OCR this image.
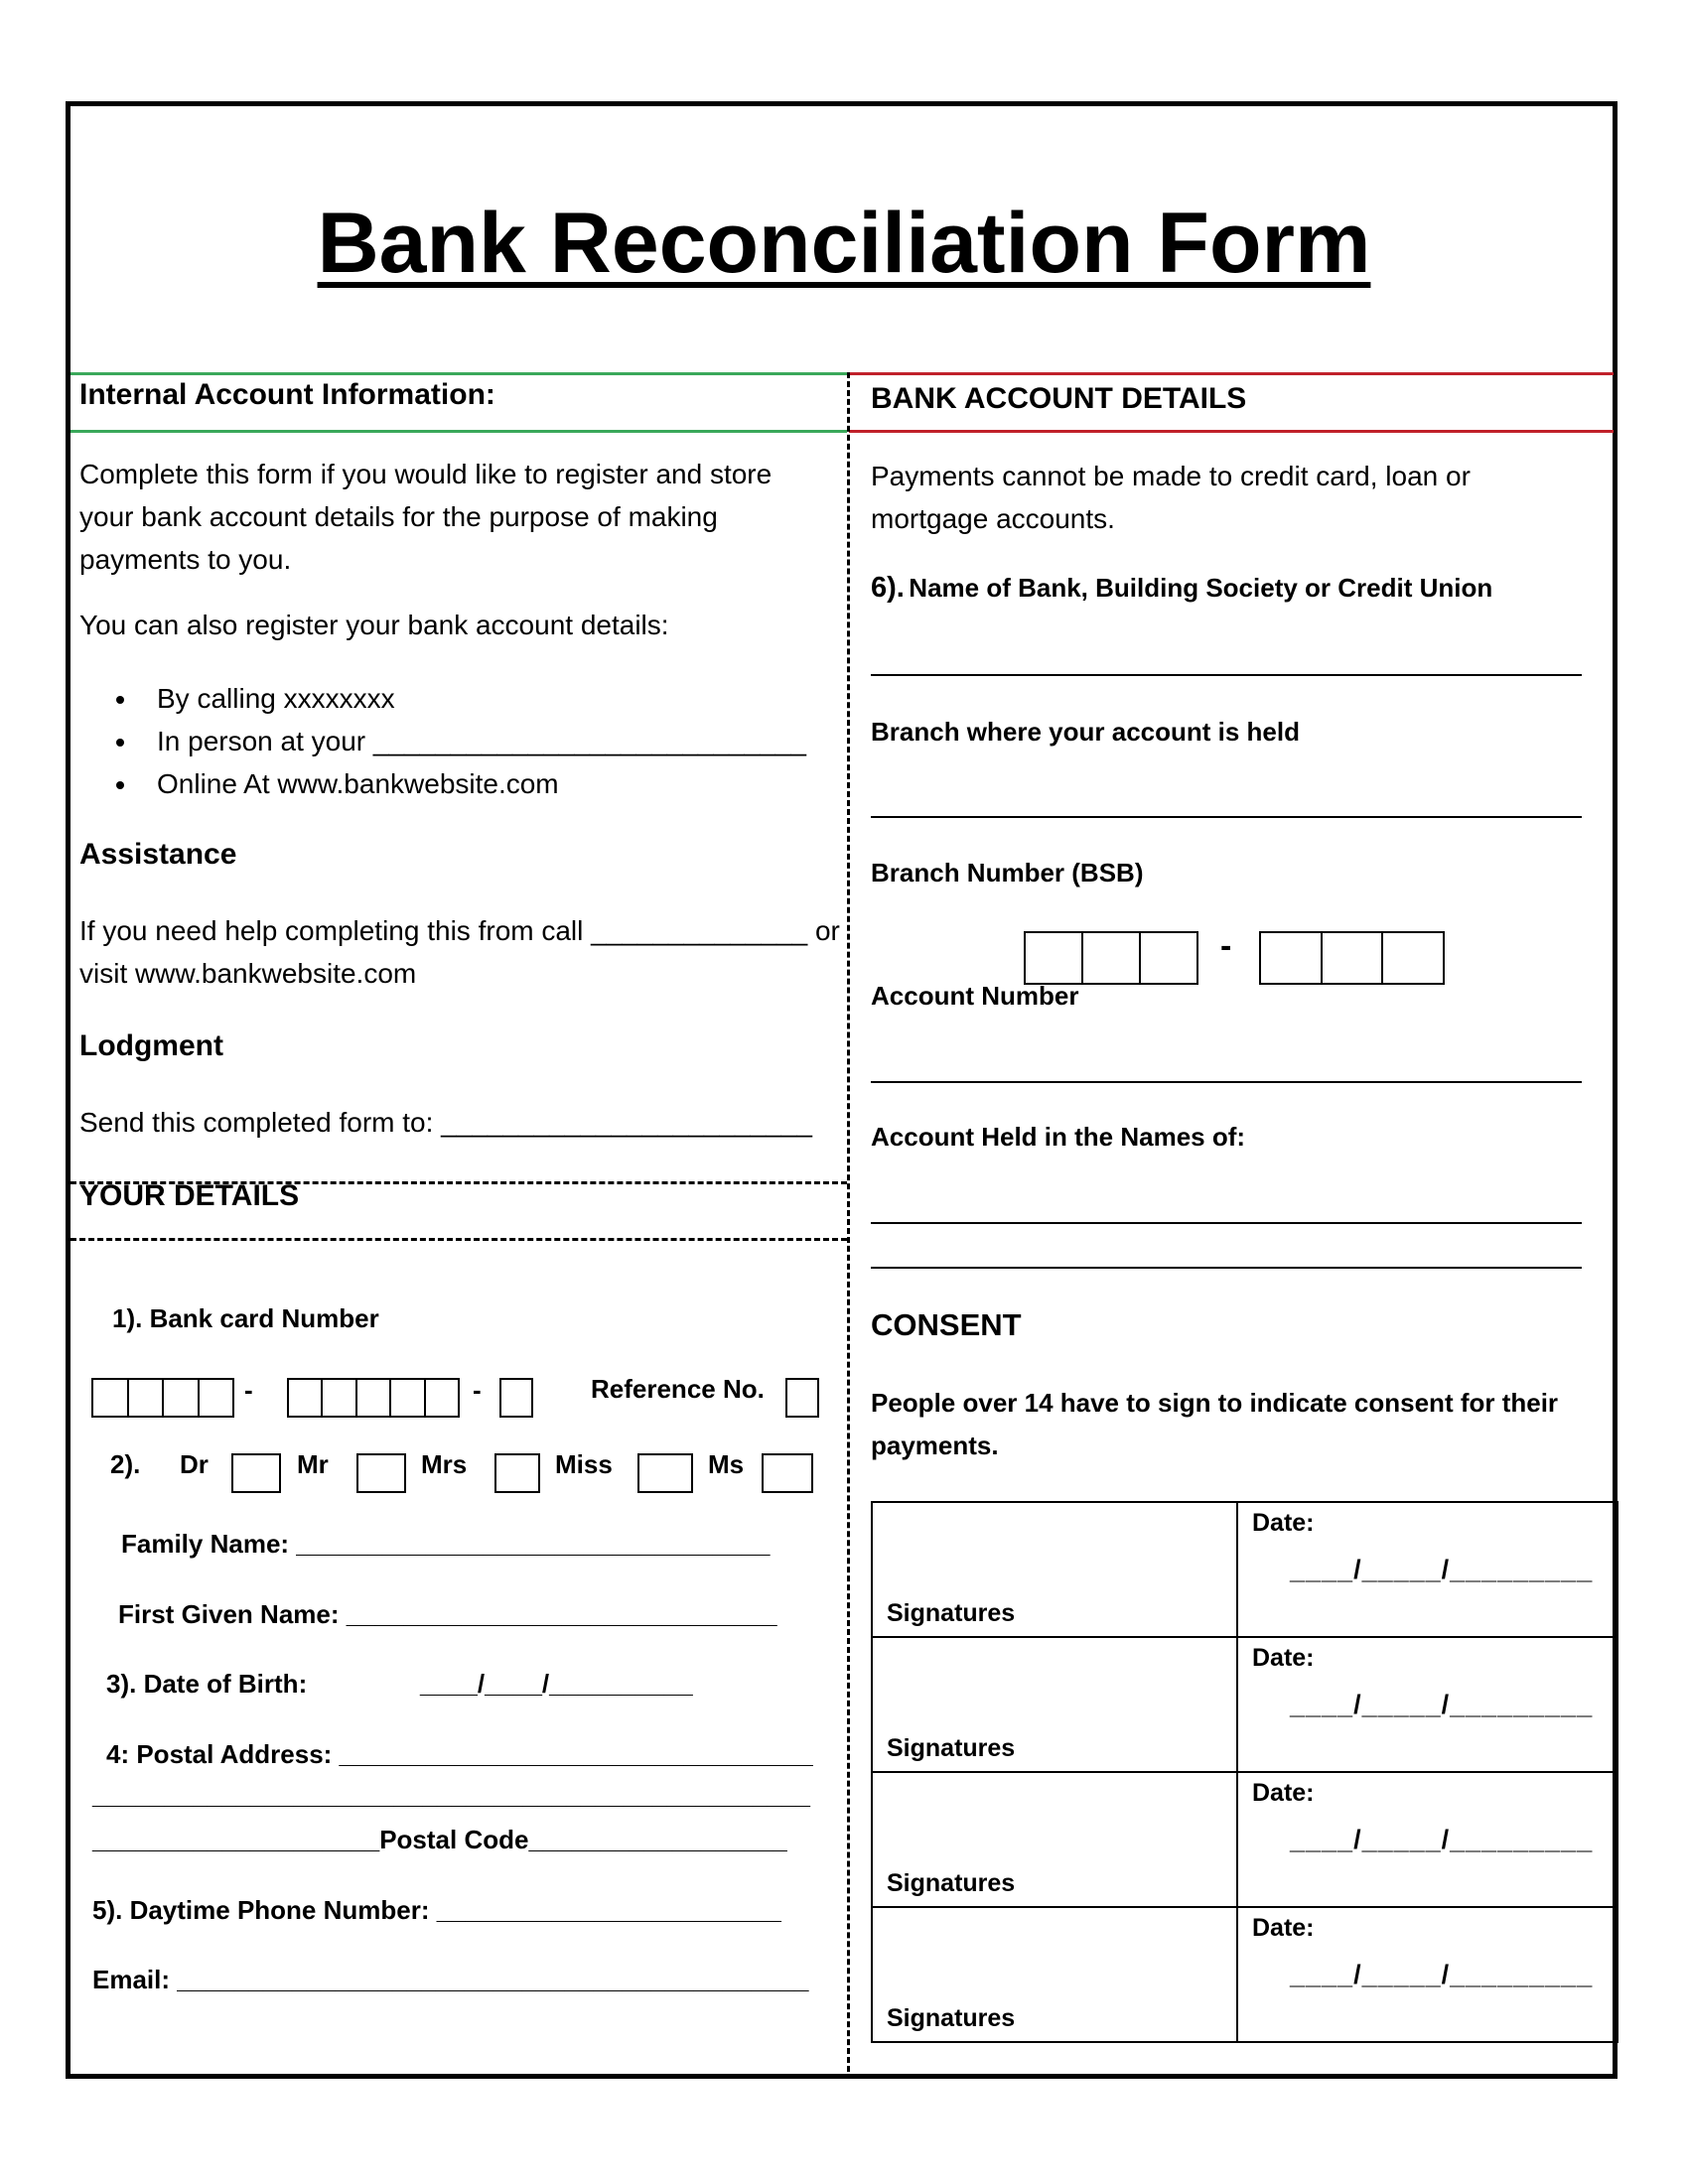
Bank Reconciliation Form
Internal Account Information:
Complete this form if you would like to register and store your bank account details for the purpose of making payments to you.
You can also register your bank account details:
• By calling xxxxxxxx
• In person at your ____________________________
• Online At www.bankwebsite.com
Assistance
If you need help completing this from call ______________ or
visit www.bankwebsite.com
Lodgment
Send this completed form to: ________________________
YOUR DETAILS
1). Bank card Number
-	-	Reference No.
2). Dr	Mr	Mrs	Miss	Ms
Family Name: _________________________________
First Given Name: ______________________________
3). Date of Birth:	____/____/__________
4: Postal Address: _________________________________
__________________________________________________
____________________Postal Code__________________
5). Daytime Phone Number: ________________________
Email: ____________________________________________
BANK ACCOUNT DETAILS
Payments cannot be made to credit card, loan or mortgage accounts.
6). Name of Bank, Building Society or Credit Union
Branch where your account is held
Branch Number (BSB)
-
Account Number
Account Held in the Names of:
CONSENT
People over 14 have to sign to indicate consent for their payments.
Signatures	Date:
____/_____/_________

Signatures	Date:
____/_____/_________

Signatures	Date:
____/_____/_________

Signatures	Date:
____/_____/_________
